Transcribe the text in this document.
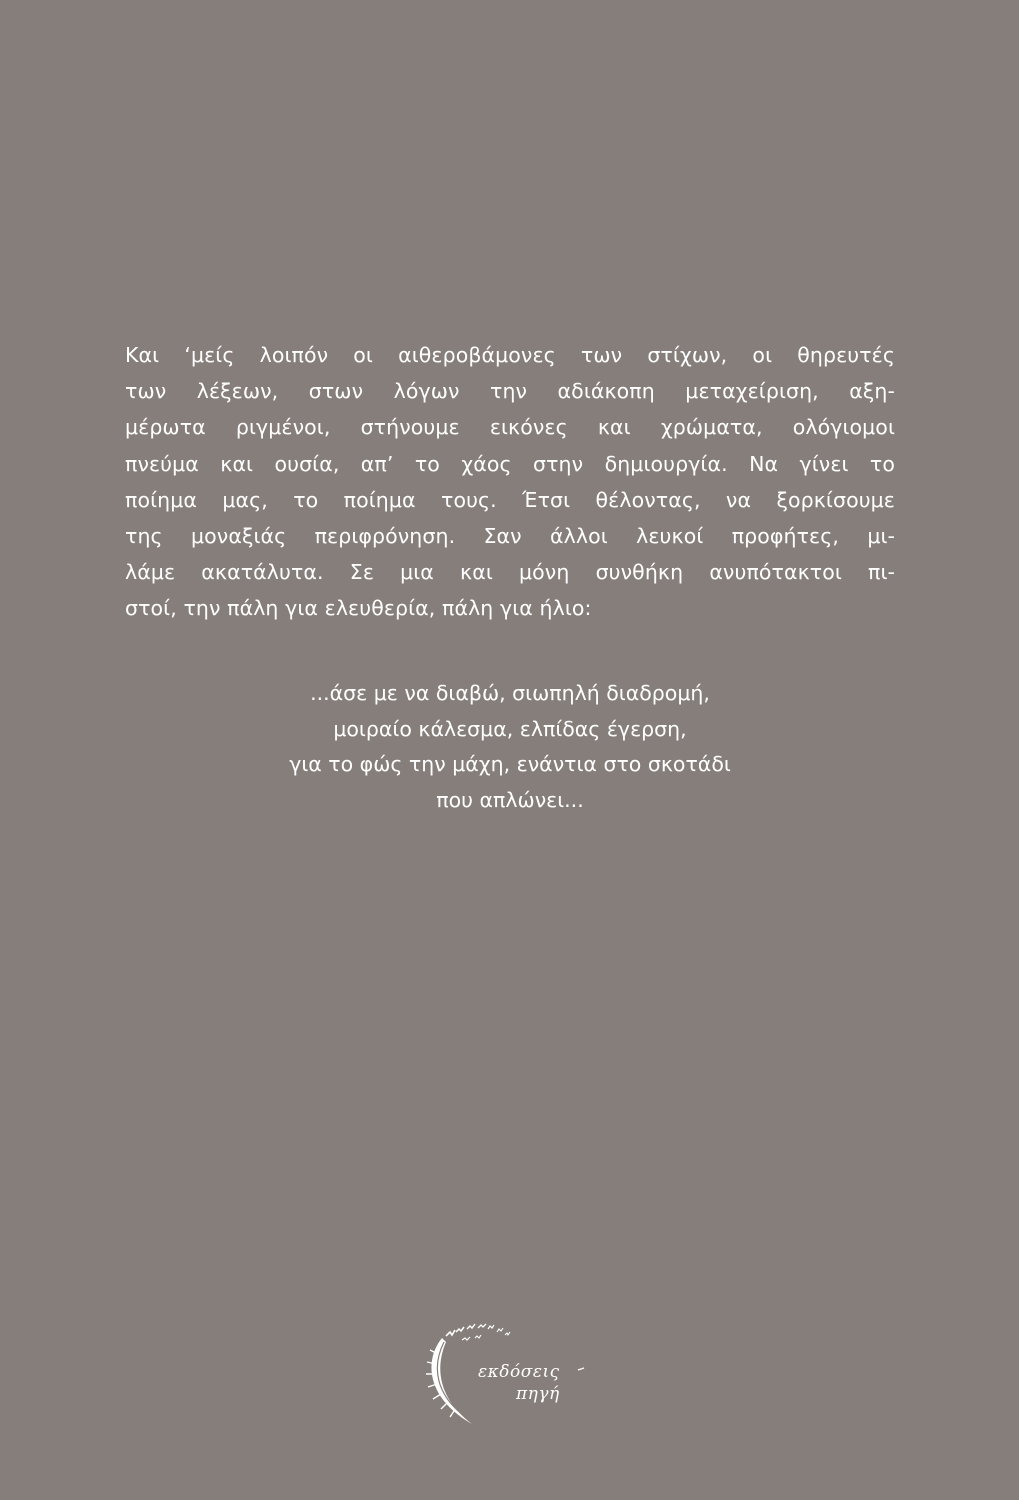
Και ‘μείς λοιπόν οι αιθεροβάμονες των στίχων, οι θηρευτές
των λέξεων, στων λόγων την αδιάκοπη μεταχείριση, αξη-
μέρωτα ριγμένοι, στήνουμε εικόνες και χρώματα, ολόγιομοι
πνεύμα και ουσία, απ’ το χάος στην δημιουργία. Να γίνει το
ποίημα μας, το ποίημα τους. Έτσι θέλοντας, να ξορκίσουμε
της μοναξιάς περιφρόνηση. Σαν άλλοι λευκοί προφήτες, μι-
λάμε ακατάλυτα. Σε μια και μόνη συνθήκη ανυπότακτοι πι-
στοί, την πάλη για ελευθερία, πάλη για ήλιο:
...άσε με να διαβώ, σιωπηλή διαδρομή,
μοιραίο κάλεσμα, ελπίδας έγερση,
για το φώς την μάχη, ενάντια στο σκοτάδι
που απλώνει...
εκδόσεις
πηγή
